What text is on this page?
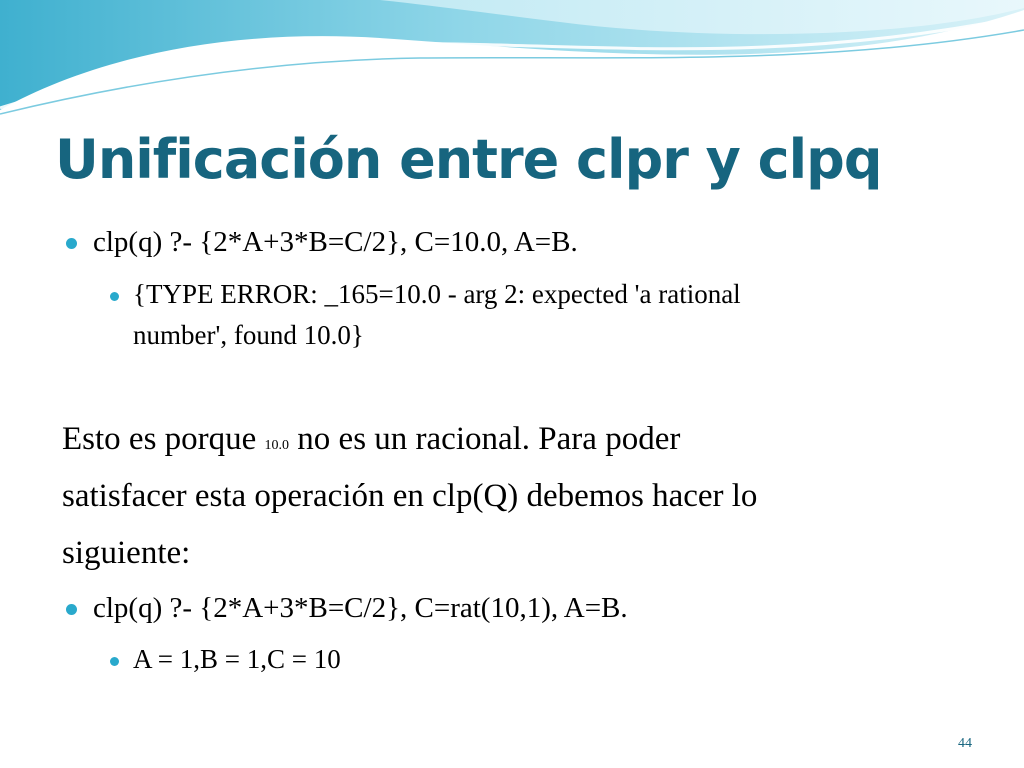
Unificación entre clpr y clpq
clp(q) ?- {2*A+3*B=C/2}, C=10.0, A=B.
{TYPE ERROR: _165=10.0 - arg 2: expected 'a rational
number', found 10.0}
Esto es porque 10.0 no es un racional. Para poder
satisfacer esta operación en clp(Q) debemos hacer lo
siguiente:
clp(q) ?- {2*A+3*B=C/2}, C=rat(10,1), A=B.
A = 1,B = 1,C = 10
44
